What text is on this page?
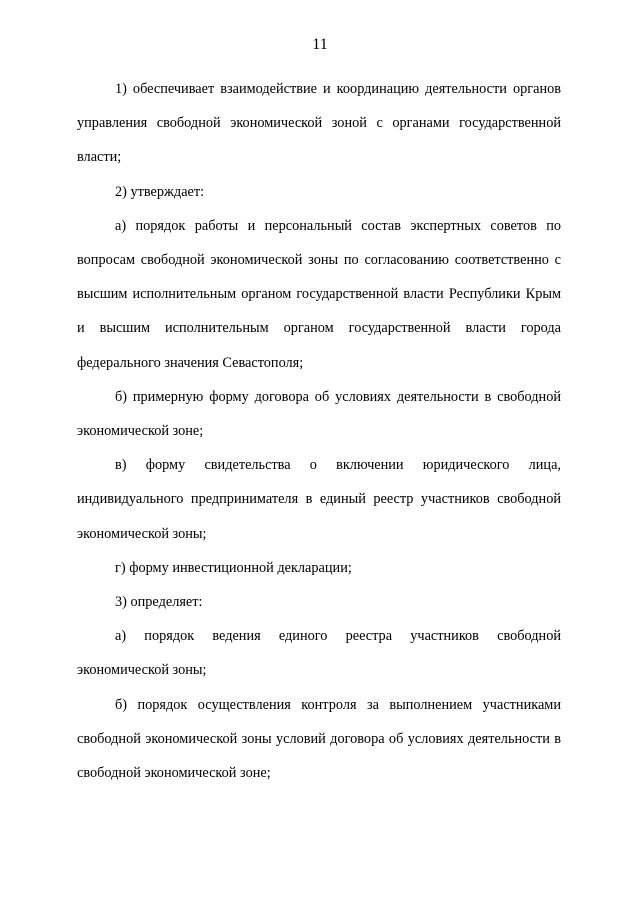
11

1) обеспечивает взаимодействие и координацию деятельности органов управления свободной экономической зоной с органами государственной власти;

2) утверждает:

а) порядок работы и персональный состав экспертных советов по вопросам свободной экономической зоны по согласованию соответственно с высшим исполнительным органом государственной власти Республики Крым и высшим исполнительным органом государственной власти города федерального значения Севастополя;

б) примерную форму договора об условиях деятельности в свободной экономической зоне;

в) форму свидетельства о включении юридического лица, индивидуального предпринимателя в единый реестр участников свободной экономической зоны;

г) форму инвестиционной декларации;

3) определяет:

а) порядок ведения единого реестра участников свободной экономической зоны;

б) порядок осуществления контроля за выполнением участниками свободной экономической зоны условий договора об условиях деятельности в свободной экономической зоне;
